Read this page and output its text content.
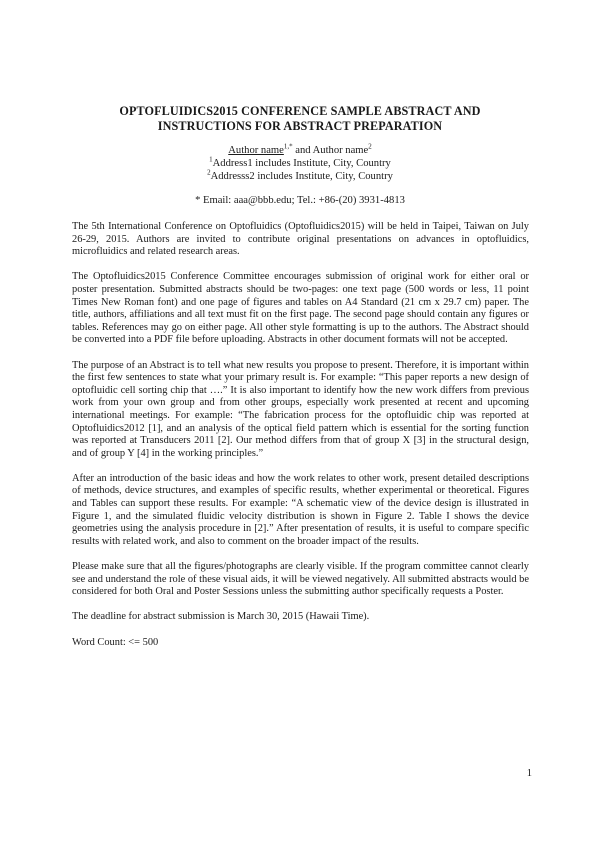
OPTOFLUIDICS2015 CONFERENCE SAMPLE ABSTRACT AND
INSTRUCTIONS FOR ABSTRACT PREPARATION
Author name$^{1,*}$ and Author name$^2$
$^1$Address1 includes Institute, City, Country
$^2$Addresss2 includes Institute, City, Country
* Email: aaa@bbb.edu; Tel.: +86-(20) 3931-4813

The 5th International Conference on Optofluidics (Optofluidics2015) will be held in Taipei, Taiwan on July 26-29, 2015. Authors are invited to contribute original presentations on advances in optofluidics, microfluidics and related research areas.

The Optofluidics2015 Conference Committee encourages submission of original work for either oral or poster presentation. Submitted abstracts should be two-pages: one text page (500 words or less, 11 point Times New Roman font) and one page of figures and tables on A4 Standard (21 cm x 29.7 cm) paper. The title, authors, affiliations and all text must fit on the first page. The second page should contain any figures or tables. References may go on either page. All other style formatting is up to the authors. The Abstract should be converted into a PDF file before uploading. Abstracts in other document formats will not be accepted.

The purpose of an Abstract is to tell what new results you propose to present. Therefore, it is important within the first few sentences to state what your primary result is. For example: “This paper reports a new design of optofluidic cell sorting chip that ….” It is also important to identify how the new work differs from previous work from your own group and from other groups, especially work presented at recent and upcoming international meetings. For example: “The fabrication process for the optofluidic chip was reported at Optofluidics2012 [1], and an analysis of the optical field pattern which is essential for the sorting function was reported at Transducers 2011 [2]. Our method differs from that of group X [3] in the structural design, and of group Y [4] in the working principles.”

After an introduction of the basic ideas and how the work relates to other work, present detailed descriptions of methods, device structures, and examples of specific results, whether experimental or theoretical. Figures and Tables can support these results. For example: “A schematic view of the device design is illustrated in Figure 1, and the simulated fluidic velocity distribution is shown in Figure 2. Table I shows the device geometries using the analysis procedure in [2].” After presentation of results, it is useful to compare specific results with related work, and also to comment on the broader impact of the results.

Please make sure that all the figures/photographs are clearly visible. If the program committee cannot clearly see and understand the role of these visual aids, it will be viewed negatively. All submitted abstracts would be considered for both Oral and Poster Sessions unless the submitting author specifically requests a Poster.

The deadline for abstract submission is March 30, 2015 (Hawaii Time).

Word Count: <= 500

1
